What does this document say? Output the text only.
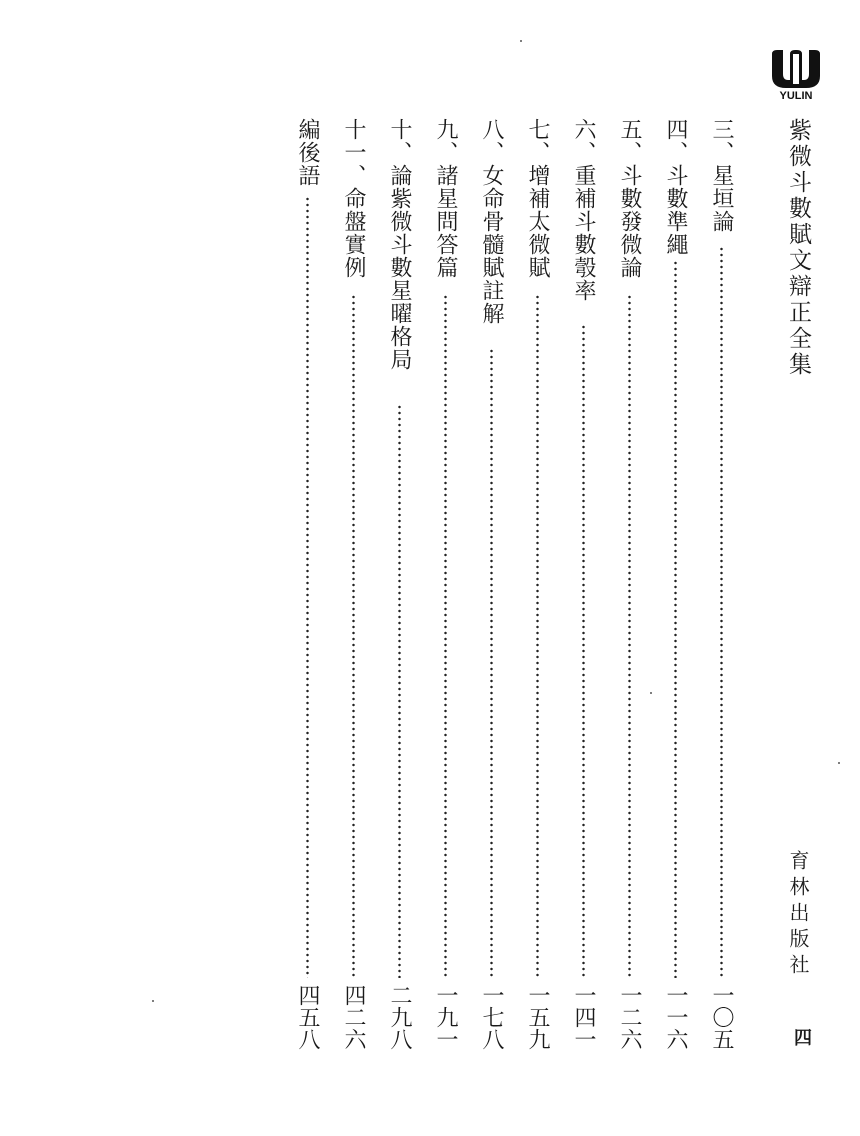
YULIN
紫微斗數賦文辯正全集
育林出版社
四
三、星垣論
一〇五
四、斗數準繩
一一六
五、斗數發微論
一二六
六、重補斗數彀率
一四一
七、增補太微賦
一五九
八、女命骨髓賦註解
一七八
九、諸星問答篇
一九一
十、論紫微斗數星曜格局
二九八
十一、命盤實例
四二六
編後語
四五八
